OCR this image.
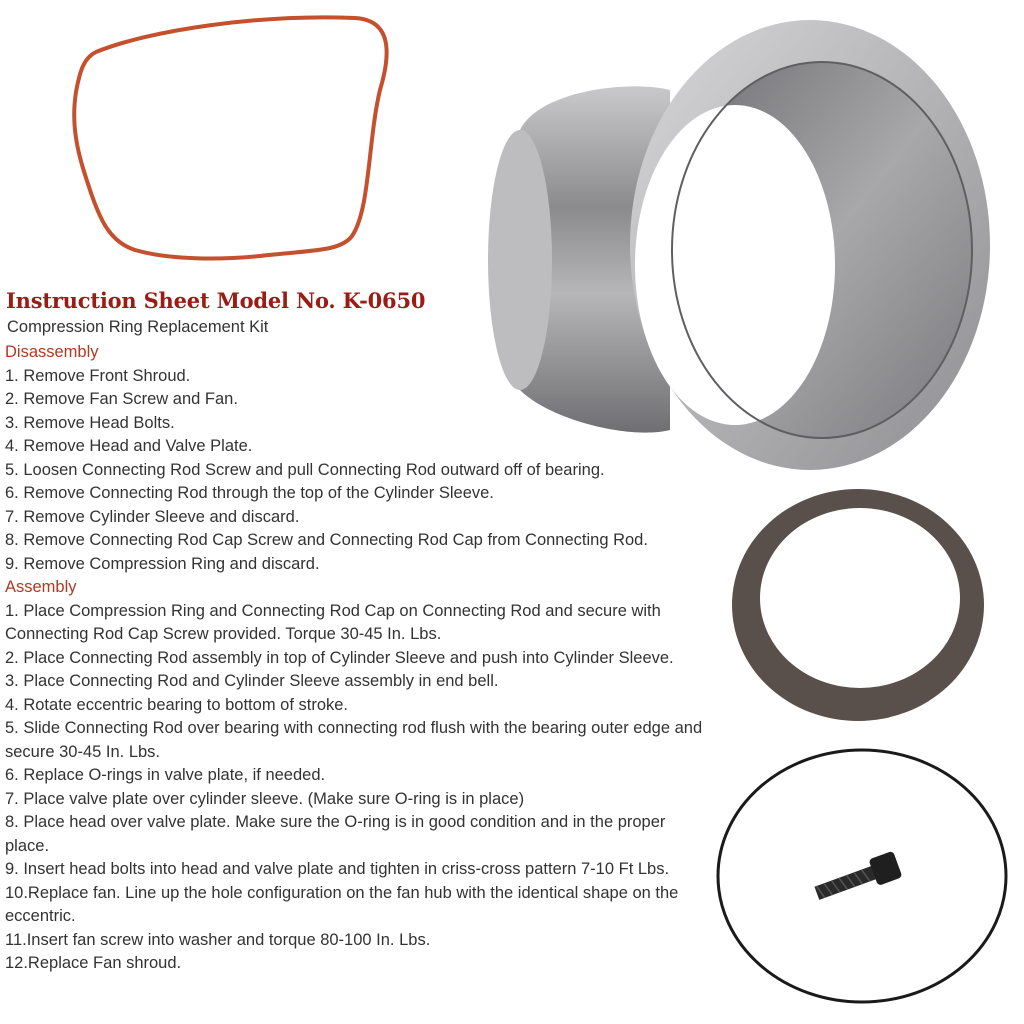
Instruction Sheet Model No. K-0650
Compression Ring Replacement Kit
Disassembly
1. Remove Front Shroud.
2. Remove Fan Screw and Fan.
3. Remove Head Bolts.
4. Remove Head and Valve Plate.
5. Loosen Connecting Rod Screw and pull Connecting Rod outward off of bearing.
6. Remove Connecting Rod through the top of the Cylinder Sleeve.
7. Remove Cylinder Sleeve and discard.
8. Remove Connecting Rod Cap Screw and Connecting Rod Cap from Connecting Rod.
9. Remove Compression Ring and discard.
Assembly
1. Place Compression Ring and Connecting Rod Cap on Connecting Rod and secure with Connecting Rod Cap Screw provided. Torque 30-45 In. Lbs.
2. Place Connecting Rod assembly in top of Cylinder Sleeve and push into Cylinder Sleeve.
3. Place Connecting Rod and Cylinder Sleeve assembly in end bell.
4. Rotate eccentric bearing to bottom of stroke.
5. Slide Connecting Rod over bearing with connecting rod flush with the bearing outer edge and secure 30-45 In. Lbs.
6. Replace O-rings in valve plate, if needed.
7. Place valve plate over cylinder sleeve. (Make sure O-ring is in place)
8. Place head over valve plate. Make sure the O-ring is in good condition and in the proper place.
9. Insert head bolts into head and valve plate and tighten in criss-cross pattern 7-10 Ft Lbs.
10.Replace fan. Line up the hole configuration on the fan hub with the identical shape on the eccentric.
11.Insert fan screw into washer and torque 80-100 In. Lbs.
12.Replace Fan shroud.
